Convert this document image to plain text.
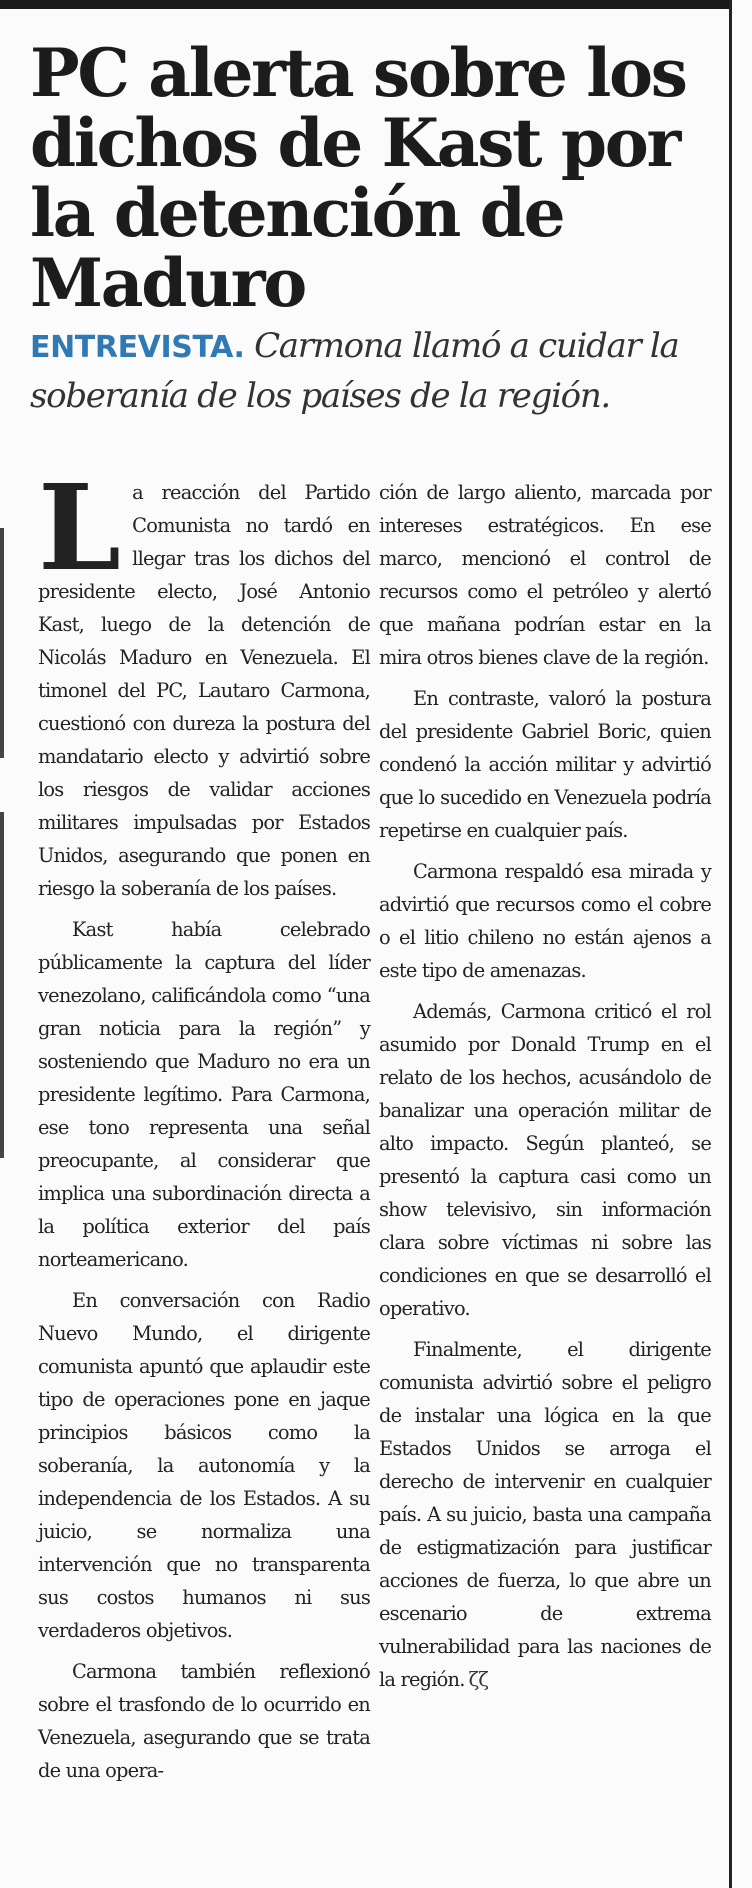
PC alerta sobre los dichos de Kast por la detención de Maduro

ENTREVISTA. Carmona llamó a cuidar la soberanía de los países de la región.

La reacción del Partido Comunista no tardó en llegar tras los dichos del presidente electo, José Antonio Kast, luego de la detención de Nicolás Maduro en Venezuela. El timonel del PC, Lautaro Carmona, cuestionó con dureza la postura del mandatario electo y advirtió sobre los riesgos de validar acciones militares impulsadas por Estados Unidos, asegurando que ponen en riesgo la soberanía de los países.

Kast había celebrado públicamente la captura del líder venezolano, calificándola como “una gran noticia para la región” y sosteniendo que Maduro no era un presidente legítimo. Para Carmona, ese tono representa una señal preocupante, al considerar que implica una subordinación directa a la política exterior del país norteamericano.

En conversación con Radio Nuevo Mundo, el dirigente comunista apuntó que aplaudir este tipo de operaciones pone en jaque principios básicos como la soberanía, la autonomía y la independencia de los Estados. A su juicio, se normaliza una intervención que no transparenta sus costos humanos ni sus verdaderos objetivos.

Carmona también reflexionó sobre el trasfondo de lo ocurrido en Venezuela, asegurando que se trata de una opera-

ción de largo aliento, marcada por intereses estratégicos. En ese marco, mencionó el control de recursos como el petróleo y alertó que mañana podrían estar en la mira otros bienes clave de la región.

En contraste, valoró la postura del presidente Gabriel Boric, quien condenó la acción militar y advirtió que lo sucedido en Venezuela podría repetirse en cualquier país.

Carmona respaldó esa mirada y advirtió que recursos como el cobre o el litio chileno no están ajenos a este tipo de amenazas.

Además, Carmona criticó el rol asumido por Donald Trump en el relato de los hechos, acusándolo de banalizar una operación militar de alto impacto. Según planteó, se presentó la captura casi como un show televisivo, sin información clara sobre víctimas ni sobre las condiciones en que se desarrolló el operativo.

Finalmente, el dirigente comunista advirtió sobre el peligro de instalar una lógica en la que Estados Unidos se arroga el derecho de intervenir en cualquier país. A su juicio, basta una campaña de estigmatización para justificar acciones de fuerza, lo que abre un escenario de extrema vulnerabilidad para las naciones de la región. ζζ
